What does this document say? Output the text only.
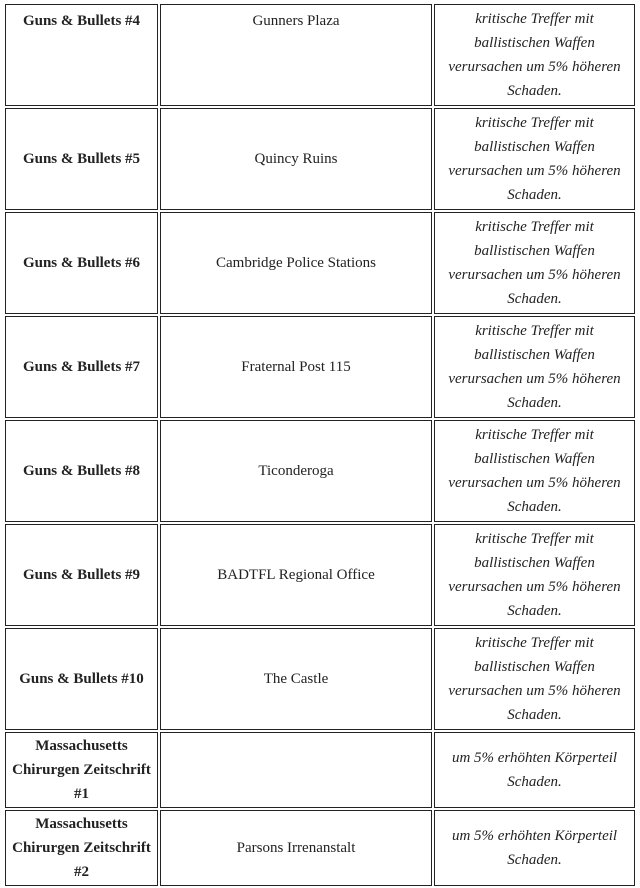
Guns & Bullets #4	Gunners Plaza	kritische Treffer mit ballistischen Waffen verursachen um 5% höheren Schaden.
Guns & Bullets #5	Quincy Ruins	kritische Treffer mit ballistischen Waffen verursachen um 5% höheren Schaden.
Guns & Bullets #6	Cambridge Police Stations	kritische Treffer mit ballistischen Waffen verursachen um 5% höheren Schaden.
Guns & Bullets #7	Fraternal Post 115	kritische Treffer mit ballistischen Waffen verursachen um 5% höheren Schaden.
Guns & Bullets #8	Ticonderoga	kritische Treffer mit ballistischen Waffen verursachen um 5% höheren Schaden.
Guns & Bullets #9	BADTFL Regional Office	kritische Treffer mit ballistischen Waffen verursachen um 5% höheren Schaden.
Guns & Bullets #10	The Castle	kritische Treffer mit ballistischen Waffen verursachen um 5% höheren Schaden.
Massachusetts Chirurgen Zeitschrift #1		um 5% erhöhten Körperteil Schaden.
Massachusetts Chirurgen Zeitschrift #2	Parsons Irrenanstalt	um 5% erhöhten Körperteil Schaden.
